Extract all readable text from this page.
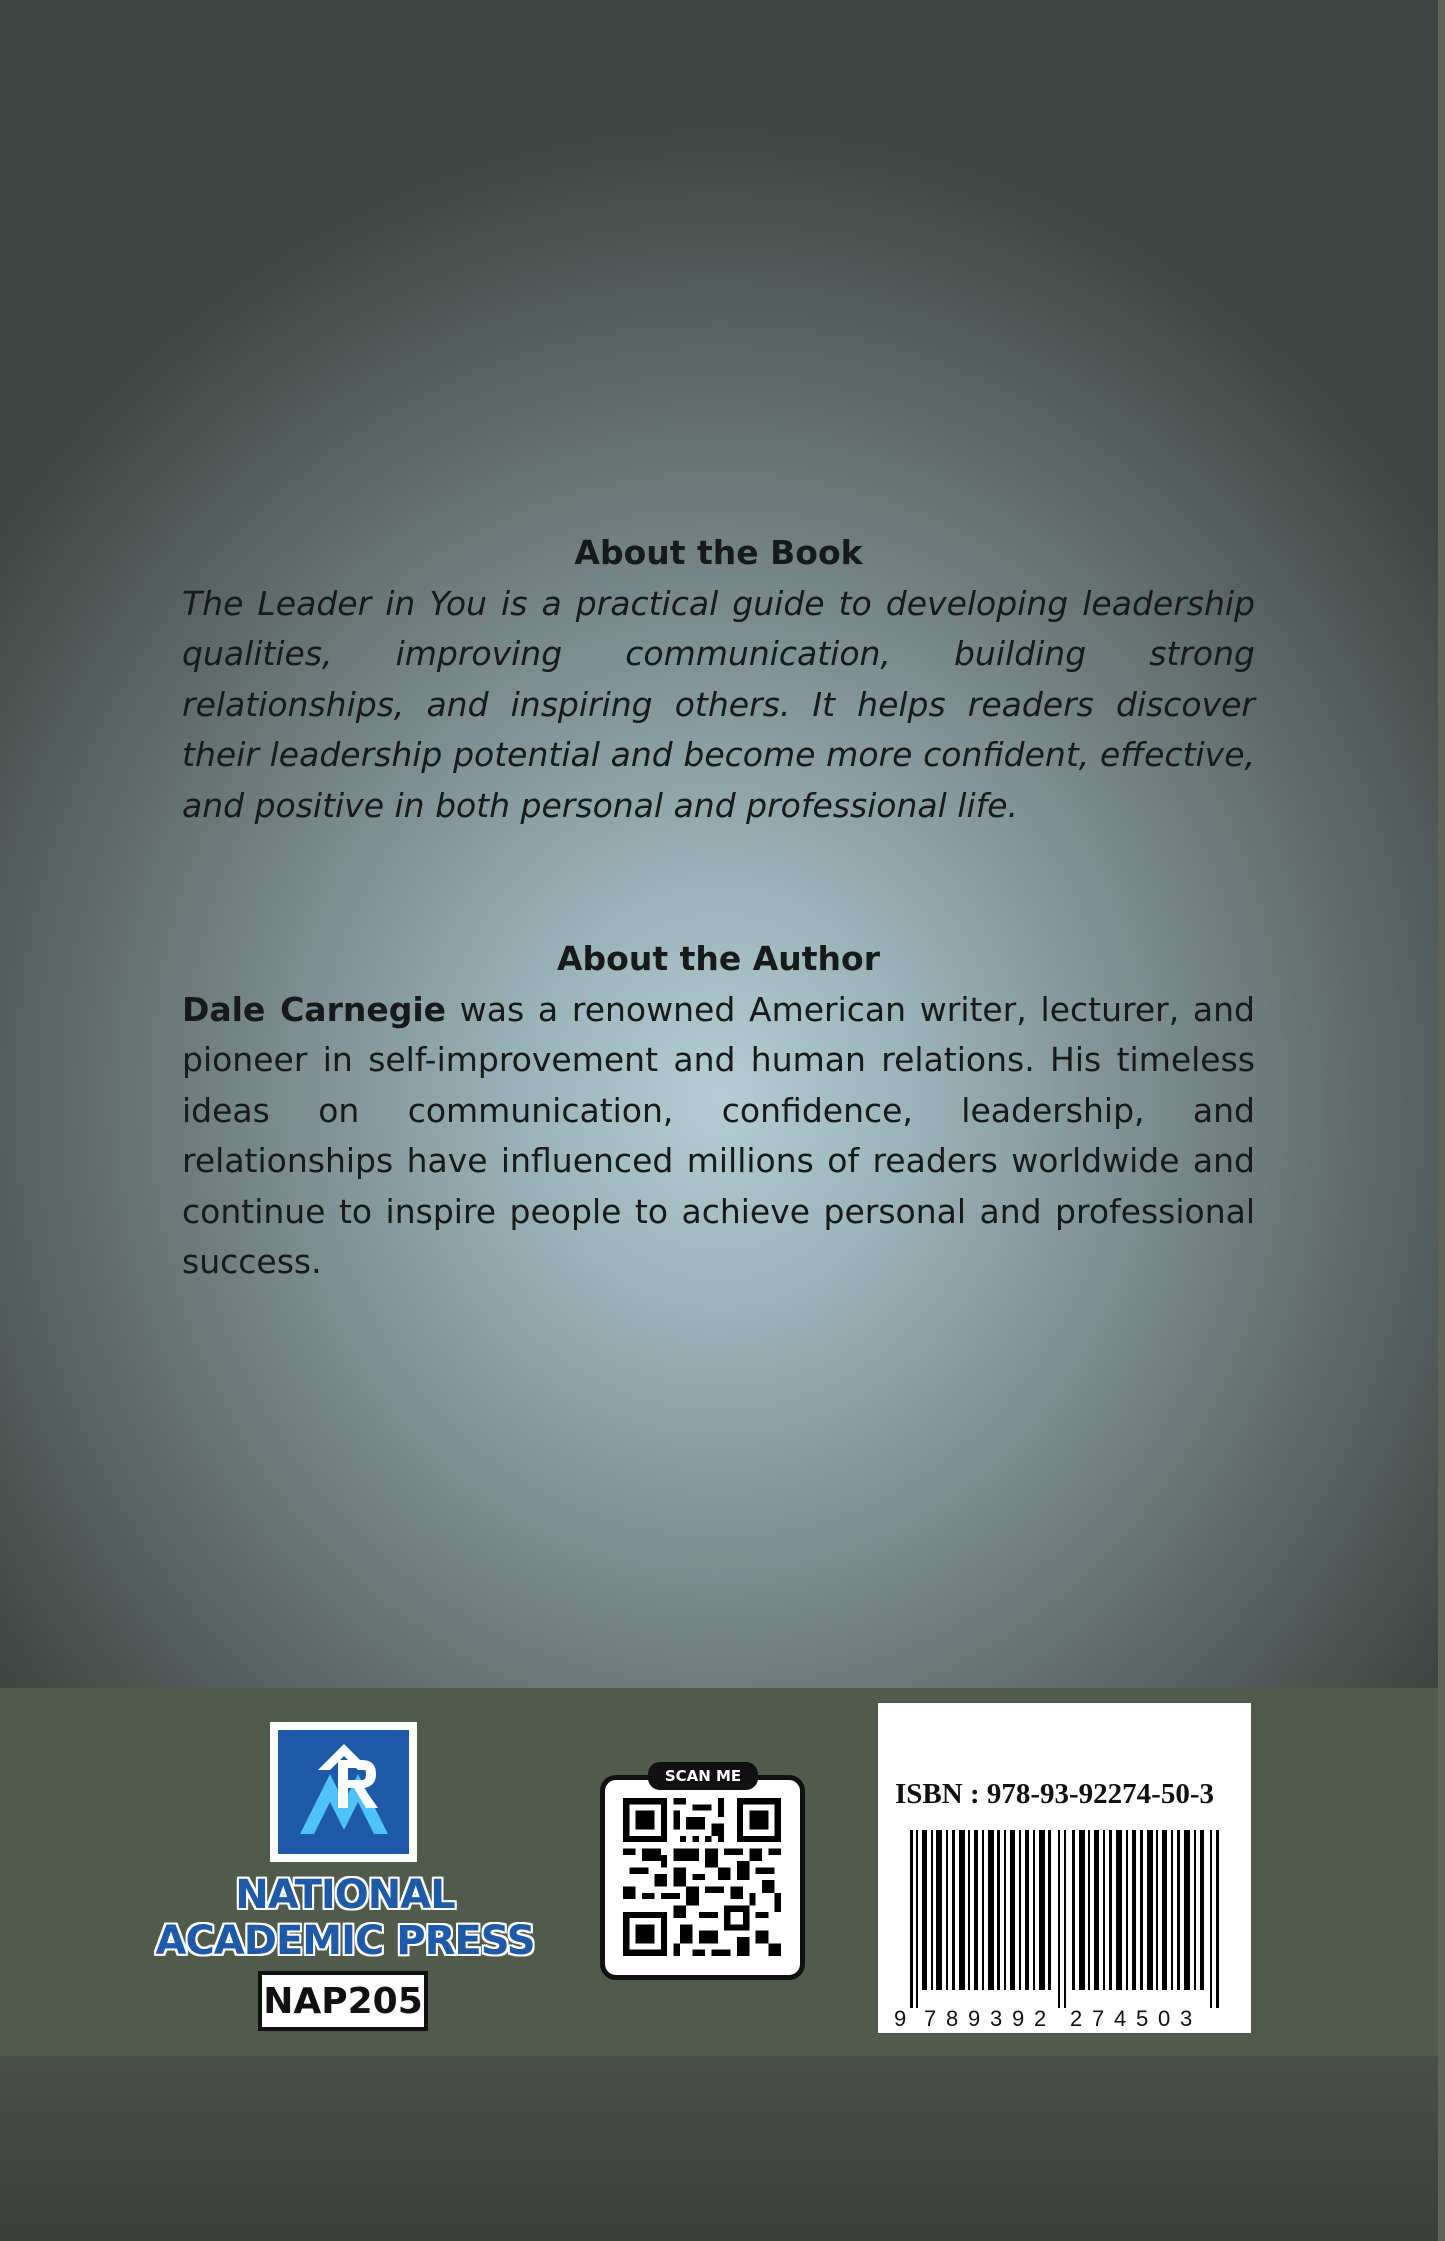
About the Book

The Leader in You is a practical guide to developing leadership qualities, improving communication, building strong relationships, and inspiring others. It helps readers discover their leadership potential and become more confident, effective, and positive in both personal and professional life.

About the Author

Dale Carnegie was a renowned American writer, lecturer, and pioneer in self-improvement and human relations. His timeless ideas on communication, confidence, leadership, and relationships have influenced millions of readers worldwide and continue to inspire people to achieve personal and professional success.

NATIONAL
ACADEMIC PRESS
NAP205
SCAN ME
ISBN : 978-93-92274-50-3
9 7 8 9 3 9 2 2 7 4 5 0 3
